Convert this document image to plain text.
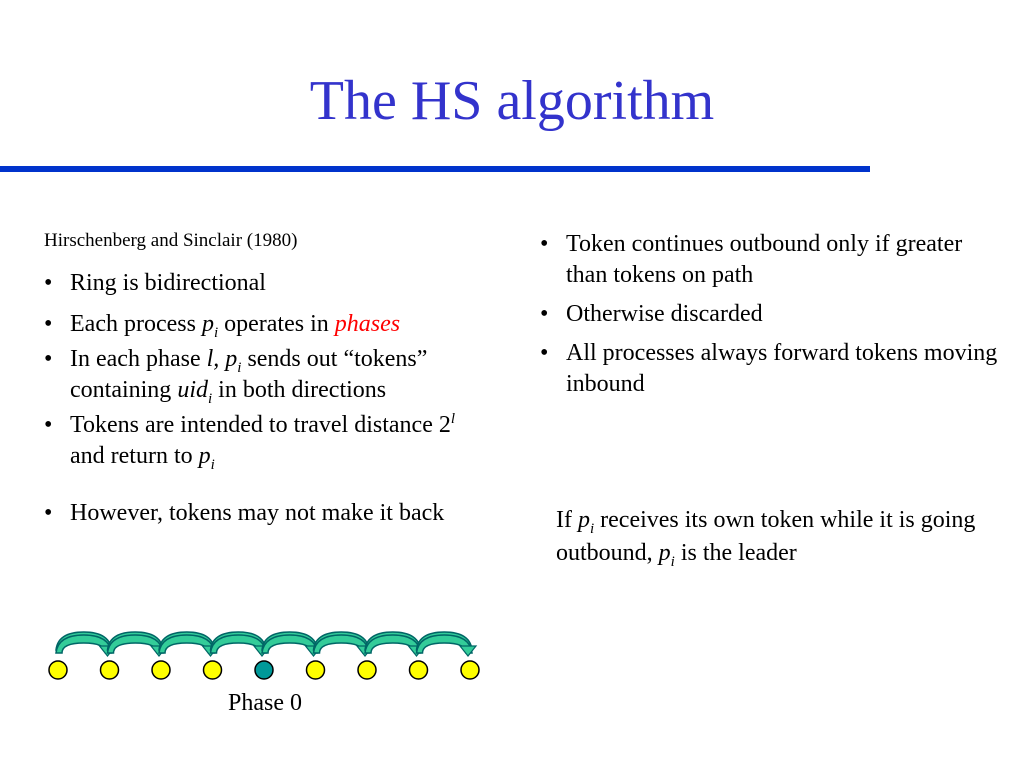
The HS algorithm
Hirschenberg and Sinclair (1980)
• Ring is bidirectional
• Each process $p_i$ operates in phases
• In each phase l, $p_i$ sends out “tokens” containing uid$_i$ in both directions
• Tokens are intended to travel distance 2$^l$ and return to $p_i$
• However, tokens may not make it back
• Token continues outbound only if greater than tokens on path
• Otherwise discarded
• All processes always forward tokens moving inbound
If $p_i$ receives its own token while it is going outbound, $p_i$ is the leader
Phase 0
